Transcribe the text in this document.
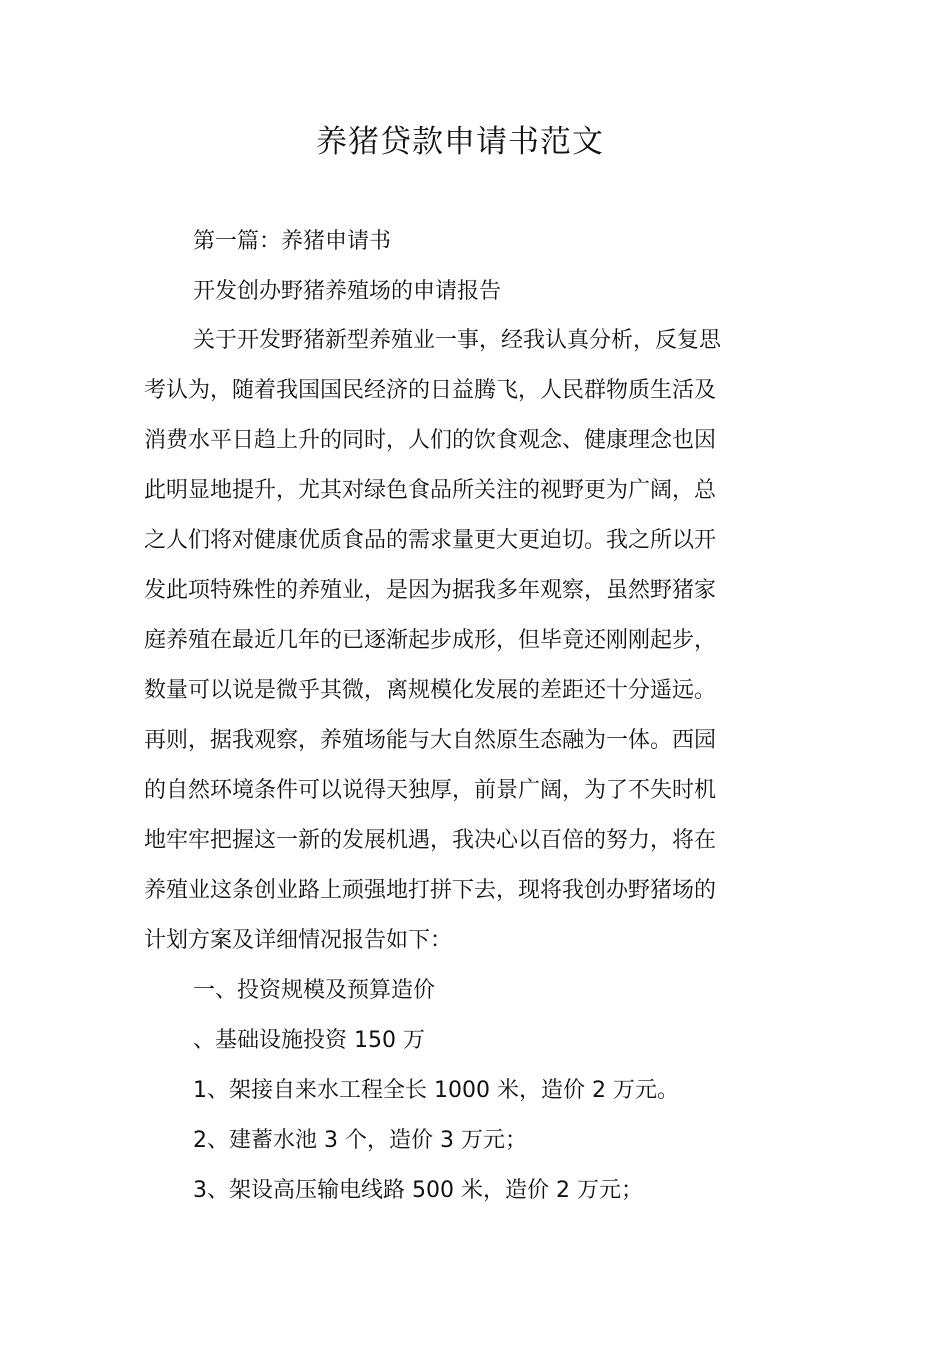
养猪贷款申请书范文
第一篇：养猪申请书
开发创办野猪养殖场的申请报告
关于开发野猪新型养殖业一事，经我认真分析，反复思
考认为，随着我国国民经济的日益腾飞，人民群物质生活及
消费水平日趋上升的同时，人们的饮食观念、健康理念也因
此明显地提升，尤其对绿色食品所关注的视野更为广阔，总
之人们将对健康优质食品的需求量更大更迫切。我之所以开
发此项特殊性的养殖业，是因为据我多年观察，虽然野猪家
庭养殖在最近几年的已逐渐起步成形，但毕竟还刚刚起步，
数量可以说是微乎其微，离规模化发展的差距还十分遥远。
再则，据我观察，养殖场能与大自然原生态融为一体。西园
的自然环境条件可以说得天独厚，前景广阔，为了不失时机
地牢牢把握这一新的发展机遇，我决心以百倍的努力，将在
养殖业这条创业路上顽强地打拼下去，现将我创办野猪场的
计划方案及详细情况报告如下：
一、投资规模及预算造价
、基础设施投资 150 万
1、架接自来水工程全长 1000 米，造价 2 万元。
2、建蓄水池 3 个，造价 3 万元；
3、架设高压输电线路 500 米，造价 2 万元；
